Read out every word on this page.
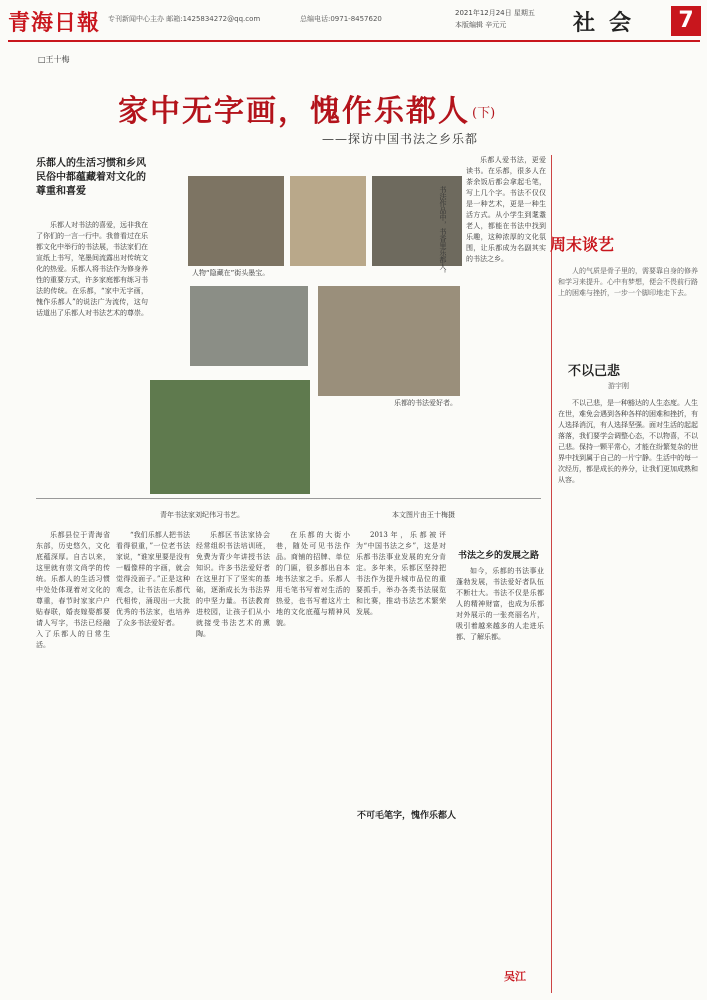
青海日報 专刊新闻中心主办 邮箱:1425834272@qq.com	总编电话:0971-8457620
2021年12月24日 星期五
本版编辑 辛元元	社会	7
□王十梅
家中无字画，愧作乐都人 (下)
——探访中国书法之乡乐都
人物“隐藏在”街头墨宝。	书法作品中，书香里乐都人。
乐都的书法爱好者。
青年书法家刘纪伟习书艺。	本文图片由王十梅摄
乐都人的生活习惯和乡风民俗中都蕴藏着对文化的尊重和喜爱

乐都人对书法的喜爱，远非我在了你们的一言一行中。我曾看过在乐都文化中举行的书法展，书法家们在宣纸上书写，笔墨间流露出对传统文化的热爱。乐都人将书法作为修身养性的重要方式，许多家庭都有练习书法的传统。在乐都，“家中无字画，愧作乐都人”的说法广为流传，这句话道出了乐都人对书法艺术的尊崇。

乐都人爱书法，更爱读书。在乐都，很多人在茶余饭后都会拿起毛笔，写上几个字。书法不仅仅是一种艺术，更是一种生活方式。从小学生到耄耋老人，都能在书法中找到乐趣，这种浓厚的文化氛围，让乐都成为名副其实的书法之乡。

乐都县位于青海省东部，历史悠久，文化底蕴深厚。自古以来，这里就有崇文尚学的传统。乐都人的生活习惯中处处体现着对文化的尊重，春节时家家户户贴春联，婚丧嫁娶都要请人写字，书法已经融入了乐都人的日常生活。

“我们乐都人把书法看得很重，”一位老书法家说，“谁家里要是没有一幅像样的字画，就会觉得没面子。”正是这种观念，让书法在乐都代代相传，涌现出一大批优秀的书法家，也培养了众多书法爱好者。

乐都区书法家协会经常组织书法培训班，免费为青少年讲授书法知识。许多书法爱好者在这里打下了坚实的基础，逐渐成长为书法界的中坚力量。书法教育进校园，让孩子们从小就接受书法艺术的熏陶。

在乐都的大街小巷，随处可见书法作品。商铺的招牌、单位的门匾，很多都出自本地书法家之手。乐都人用毛笔书写着对生活的热爱，也书写着这片土地的文化底蕴与精神风貌。

不可毛笔字，愧作乐都人

2013年，乐都被评为“中国书法之乡”，这是对乐都书法事业发展的充分肯定。多年来，乐都区坚持把书法作为提升城市品位的重要抓手，举办各类书法展览和比赛，推动书法艺术繁荣发展。

书法之乡的发展之路

如今，乐都的书法事业蓬勃发展，书法爱好者队伍不断壮大。书法不仅是乐都人的精神财富，也成为乐都对外展示的一张亮丽名片，吸引着越来越多的人走进乐都、了解乐都。

吴江
周末谈艺

人的气质是骨子里的，需要靠自身的修养和学习来提升。心中有梦想，便会不畏前行路上的困难与挫折，一步一个脚印地走下去。

不以己悲
游宇刚

不以己悲，是一种豁达的人生态度。人生在世，难免会遇到各种各样的困难和挫折，有人选择消沉，有人选择坚强。面对生活的起起落落，我们要学会调整心态，不以物喜，不以己悲。保持一颗平常心，才能在纷繁复杂的世界中找到属于自己的一片宁静。生活中的每一次经历，都是成长的养分，让我们更加成熟和从容。
